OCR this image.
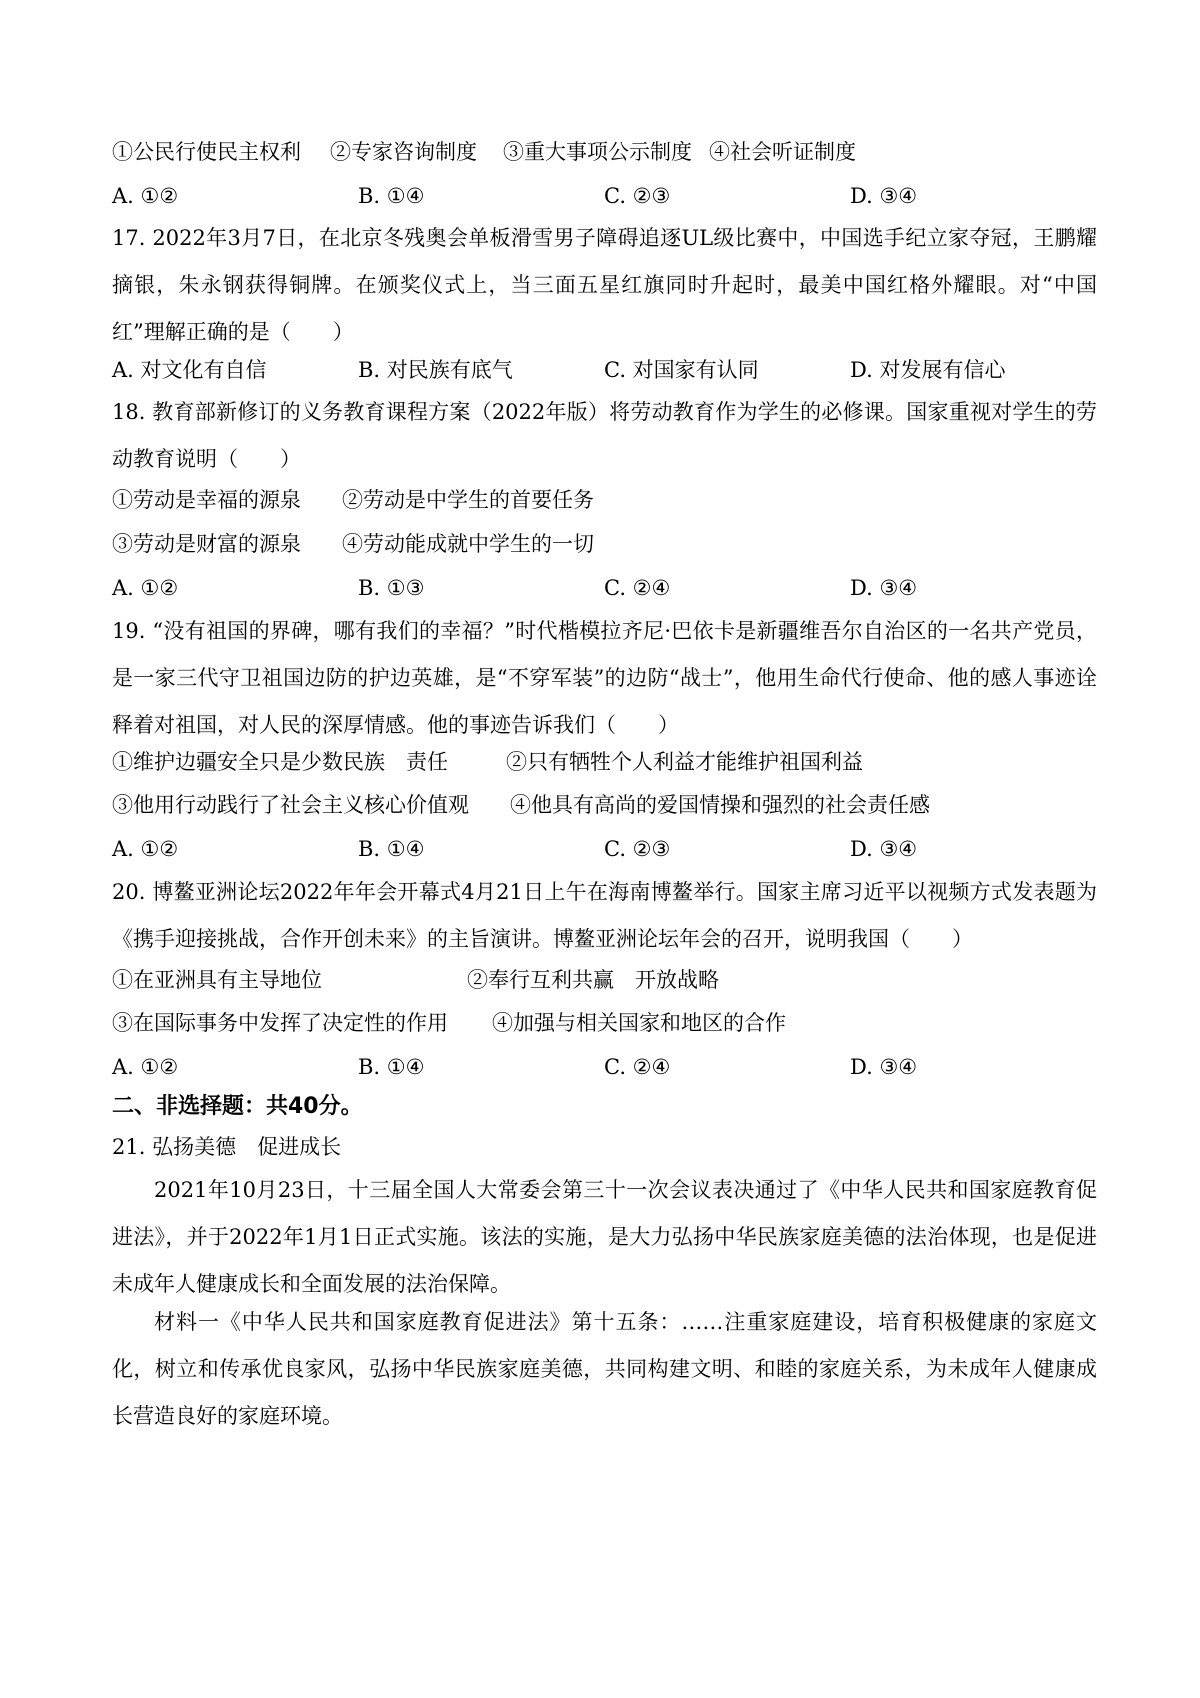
①公民行使民主权利 ②专家咨询制度 ③重大事项公示制度 ④社会听证制度
A. ①②	B. ①④	C. ②③	D. ③④
17. 2022年3月7日，在北京冬残奥会单板滑雪男子障碍追逐UL级比赛中，中国选手纪立家夺冠，王鹏耀摘银，朱永钢获得铜牌。在颁奖仪式上，当三面五星红旗同时升起时，最美中国红格外耀眼。对“中国红”理解正确的是（　　）
A. 对文化有自信	B. 对民族有底气	C. 对国家有认同	D. 对发展有信心
18. 教育部新修订的义务教育课程方案（2022年版）将劳动教育作为学生的必修课。国家重视对学生的劳动教育说明（　　）
①劳动是幸福的源泉 ②劳动是中学生的首要任务
③劳动是财富的源泉 ④劳动能成就中学生的一切
A. ①②	B. ①③	C. ②④	D. ③④
19. “没有祖国的界碑，哪有我们的幸福？”时代楷模拉齐尼·巴依卡是新疆维吾尔自治区的一名共产党员，是一家三代守卫祖国边防的护边英雄，是“不穿军装”的边防“战士”，他用生命代行使命、他的感人事迹诠释着对祖国，对人民的深厚情感。他的事迹告诉我们（　　）
①维护边疆安全只是少数民族　责任	②只有牺牲个人利益才能维护祖国利益
③他用行动践行了社会主义核心价值观 ④他具有高尚的爱国情操和强烈的社会责任感
A. ①②	B. ①④	C. ②③	D. ③④
20. 博鳌亚洲论坛2022年年会开幕式4月21日上午在海南博鳌举行。国家主席习近平以视频方式发表题为《携手迎接挑战，合作开创未来》的主旨演讲。博鳌亚洲论坛年会的召开，说明我国（　　）
①在亚洲具有主导地位	②奉行互利共赢　开放战略
③在国际事务中发挥了决定性的作用 ④加强与相关国家和地区的合作
A. ①②	B. ①④	C. ②④	D. ③④
二、非选择题：共40分。
21. 弘扬美德　促进成长
2021年10月23日，十三届全国人大常委会第三十一次会议表决通过了《中华人民共和国家庭教育促进法》，并于2022年1月1日正式实施。该法的实施，是大力弘扬中华民族家庭美德的法治体现，也是促进未成年人健康成长和全面发展的法治保障。
材料一《中华人民共和国家庭教育促进法》第十五条：……注重家庭建设，培育积极健康的家庭文化，树立和传承优良家风，弘扬中华民族家庭美德，共同构建文明、和睦的家庭关系，为未成年人健康成长营造良好的家庭环境。
